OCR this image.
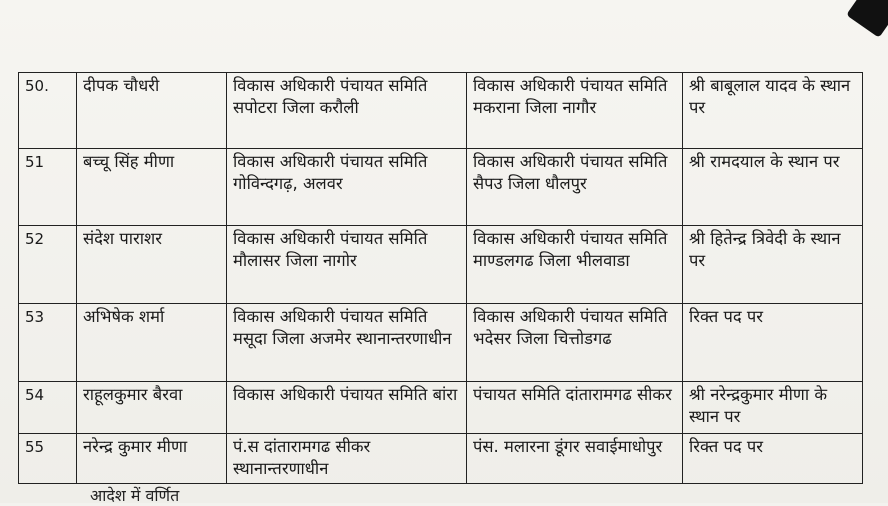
50.	दीपक चौधरी	विकास अधिकारी पंचायत समिति सपोटरा जिला करौली	विकास अधिकारी पंचायत समिति मकराना जिला नागौर	श्री बाबूलाल यादव के स्थान पर
51	बच्चू सिंह मीणा	विकास अधिकारी पंचायत समिति गोविन्दगढ़, अलवर	विकास अधिकारी पंचायत समिति सैपउ जिला धौलपुर	श्री रामदयाल के स्थान पर
52	संदेश पाराशर	विकास अधिकारी पंचायत समिति मौलासर जिला नागोर	विकास अधिकारी पंचायत समिति माण्डलगढ जिला भीलवाडा	श्री हितेन्द्र त्रिवेदी के स्थान पर
53	अभिषेक शर्मा	विकास अधिकारी पंचायत समिति मसूदा जिला अजमेर स्थानान्तरणाधीन	विकास अधिकारी पंचायत समिति भदेसर जिला चित्तोडगढ	रिक्त पद पर
54	राहूलकुमार बैरवा	विकास अधिकारी पंचायत समिति बांरा	पंचायत समिति दांतारामगढ सीकर	श्री नरेन्द्रकुमार मीणा के स्थान पर
55	नरेन्द्र कुमार मीणा	पं.स दांतारामगढ सीकर स्थानान्तरणाधीन	पंस. मलारना डूंगर सवाईमाधोपुर	रिक्त पद पर
आदेश में वर्णित
